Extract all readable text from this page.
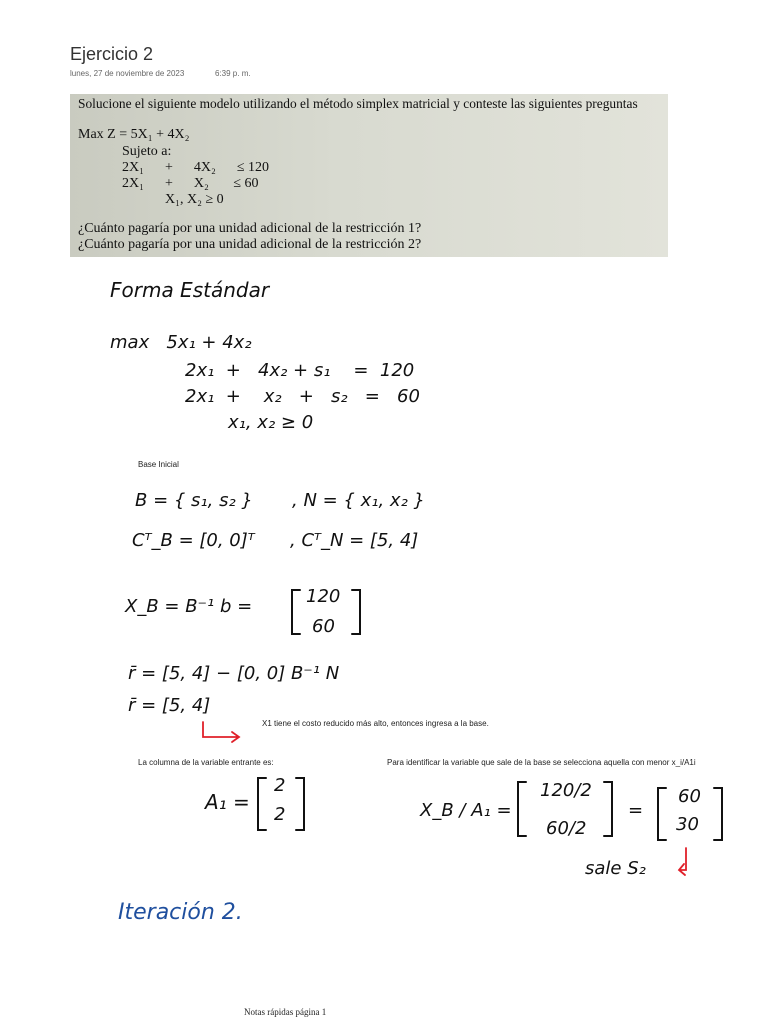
Ejercicio 2
lunes, 27 de noviembre de 2023	6:39 p. m.
Solucione el siguiente modelo utilizando el método simplex matricial y conteste las siguientes preguntas
Max Z = 5X₁ + 4X₂
Sujeto a:
2X₁      +      4X₂      ≤ 120
2X₁      +      X₂       ≤ 60
X₁, X₂ ≥ 0
¿Cuánto pagaría por una unidad adicional de la restricción 1?
¿Cuánto pagaría por una unidad adicional de la restricción 2?
Forma Estándar
max   5x₁ + 4x₂
2x₁  +   4x₂ + s₁    =  120
2x₁  +    x₂   +   s₂   =   60
x₁, x₂ ≥ 0
Base Inicial
B = { s₁, s₂ } , N = { x₁, x₂ }
Cᵀ_B = [0, 0]ᵀ , Cᵀ_N = [5, 4]
X_B = B⁻¹ b =	120
60
r̄ = [5, 4] − [0, 0] B⁻¹ N
r̄ = [5, 4]
X1 tiene el costo reducido más alto, entonces ingresa a la base.
La columna de la variable entrante es:	Para identificar la variable que sale de la base se selecciona aquella con menor x_i/A1i
A₁ =
2
2	X_B / A₁ =
120/2
60/2
=
60
30
sale S₂
Iteración 2.
Notas rápidas página 1
